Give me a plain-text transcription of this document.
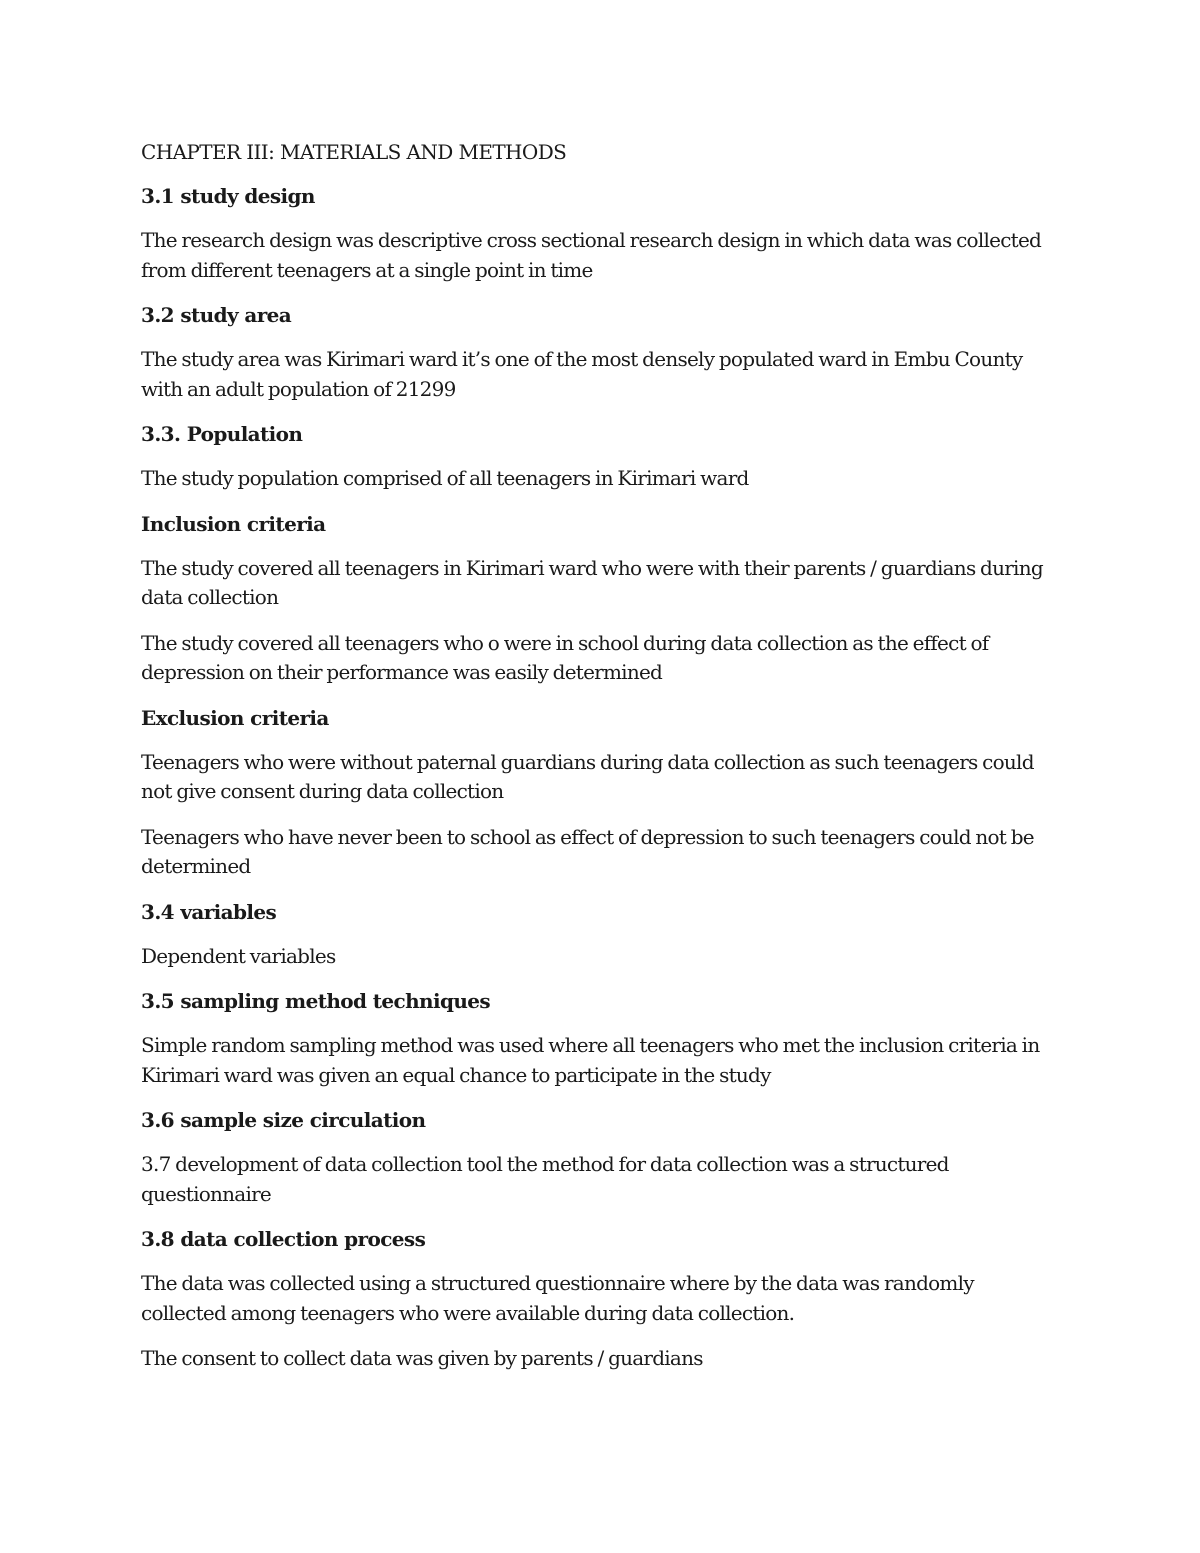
CHAPTER III: MATERIALS AND METHODS
3.1 study design
The research design was descriptive cross sectional research design in which data was collected
from different teenagers at a single point in time
3.2 study area
The study area was Kirimari ward it’s one of the most densely populated ward in Embu County
with an adult population of 21299
3.3. Population
The study population comprised of all teenagers in Kirimari ward
Inclusion criteria
The study covered all teenagers in Kirimari ward who were with their parents / guardians during
data collection
The study covered all teenagers who o were in school during data collection as the effect of
depression on their performance was easily determined
Exclusion criteria
Teenagers who were without paternal guardians during data collection as such teenagers could
not give consent during data collection
Teenagers who have never been to school as effect of depression to such teenagers could not be
determined
3.4 variables
Dependent variables
3.5 sampling method techniques
Simple random sampling method was used where all teenagers who met the inclusion criteria in
Kirimari ward was given an equal chance to participate in the study
3.6 sample size circulation
3.7 development of data collection tool the method for data collection was a structured
questionnaire
3.8 data collection process
The data was collected using a structured questionnaire where by the data was randomly
collected among teenagers who were available during data collection.
The consent to collect data was given by parents / guardians
